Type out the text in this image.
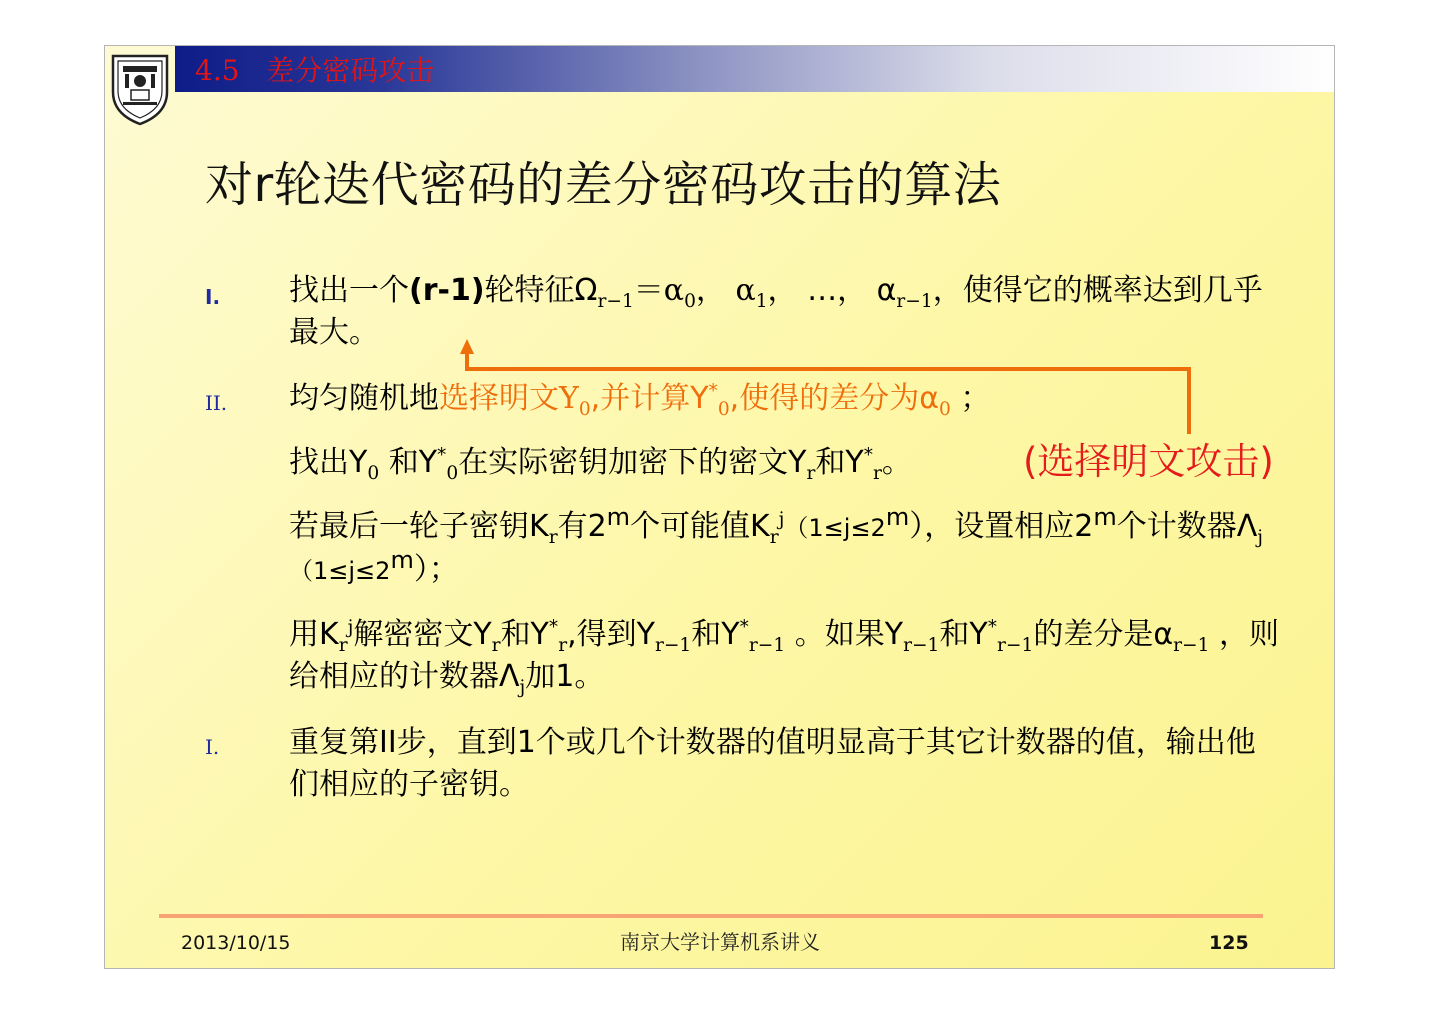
4.5   差分密码攻击
对r轮迭代密码的差分密码攻击的算法
I. 找出一个(r-1)轮特征$\Omega_{r-1}=\alpha_0$， $\alpha_1$， …， $\alpha_{r-1}$，使得它的概率达到几乎最大。
II. 均匀随机地选择明文$Y_0$,并计算$Y^*_0$,使得的差分为$\alpha_0$ ；
找出$Y_0$ 和$Y^*_0$在实际密钥加密下的密文$Y_r$和$Y^*_r$。
若最后一轮子密钥$K_r$有2$^m$个可能值$K_r^j(1\le j\le 2^m)$，设置相应2$^m$个计数器$\Lambda_j(1\le j\le 2^m)$；
用$K_r^j$解密密文$Y_r$和$Y^*_r$,得到$Y_{r-1}$和$Y^*_{r-1}$ 。如果$Y_{r-1}$和$Y^*_{r-1}$的差分是$\alpha_{r-1}$ ，则给相应的计数器$\Lambda_j$加1。
I. 重复第II步，直到1个或几个计数器的值明显高于其它计数器的值，输出他们相应的子密钥。
(选择明文攻击)
2013/10/15	南京大学计算机系讲义	125
